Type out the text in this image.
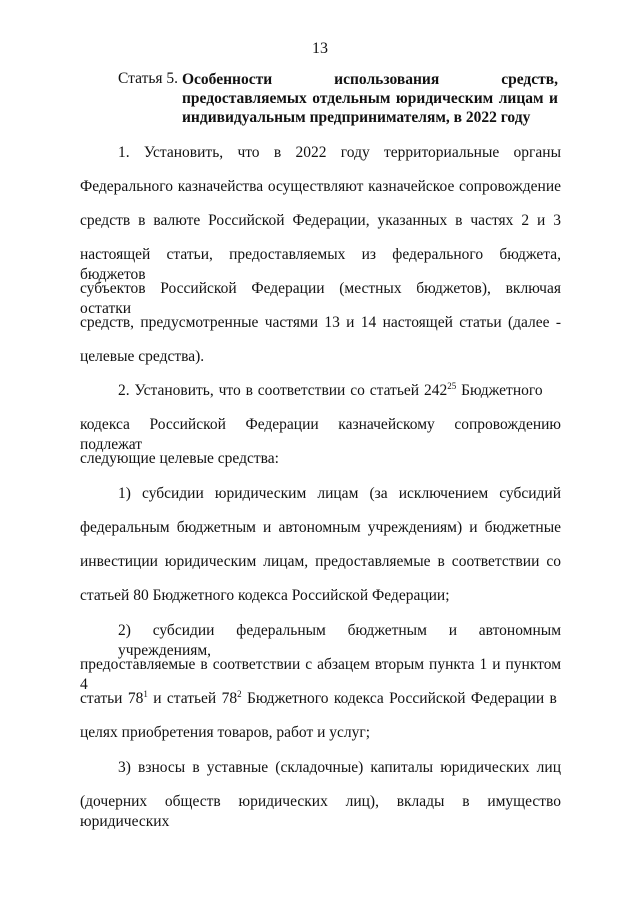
13
Статья 5. Особенности использования средств, предоставляемых отдельным юридическим лицам и индивидуальным предпринимателям, в 2022 году
1. Установить, что в 2022 году территориальные органы
Федерального казначейства осуществляют казначейское сопровождение
средств в валюте Российской Федерации, указанных в частях 2 и 3
настоящей статьи, предоставляемых из федерального бюджета, бюджетов
субъектов Российской Федерации (местных бюджетов), включая остатки
средств, предусмотренные частями 13 и 14 настоящей статьи (далее -
целевые средства).
2. Установить, что в соответствии со статьей $242^{25}$ Бюджетного
кодекса Российской Федерации казначейскому сопровождению подлежат
следующие целевые средства:
1) субсидии юридическим лицам (за исключением субсидий
федеральным бюджетным и автономным учреждениям) и бюджетные
инвестиции юридическим лицам, предоставляемые в соответствии со
статьей 80 Бюджетного кодекса Российской Федерации;
2) субсидии федеральным бюджетным и автономным учреждениям,
предоставляемые в соответствии с абзацем вторым пункта 1 и пунктом 4
статьи $78^1$ и статьей $78^2$ Бюджетного кодекса Российской Федерации в
целях приобретения товаров, работ и услуг;
3) взносы в уставные (складочные) капиталы юридических лиц
(дочерних обществ юридических лиц), вклады в имущество юридических
